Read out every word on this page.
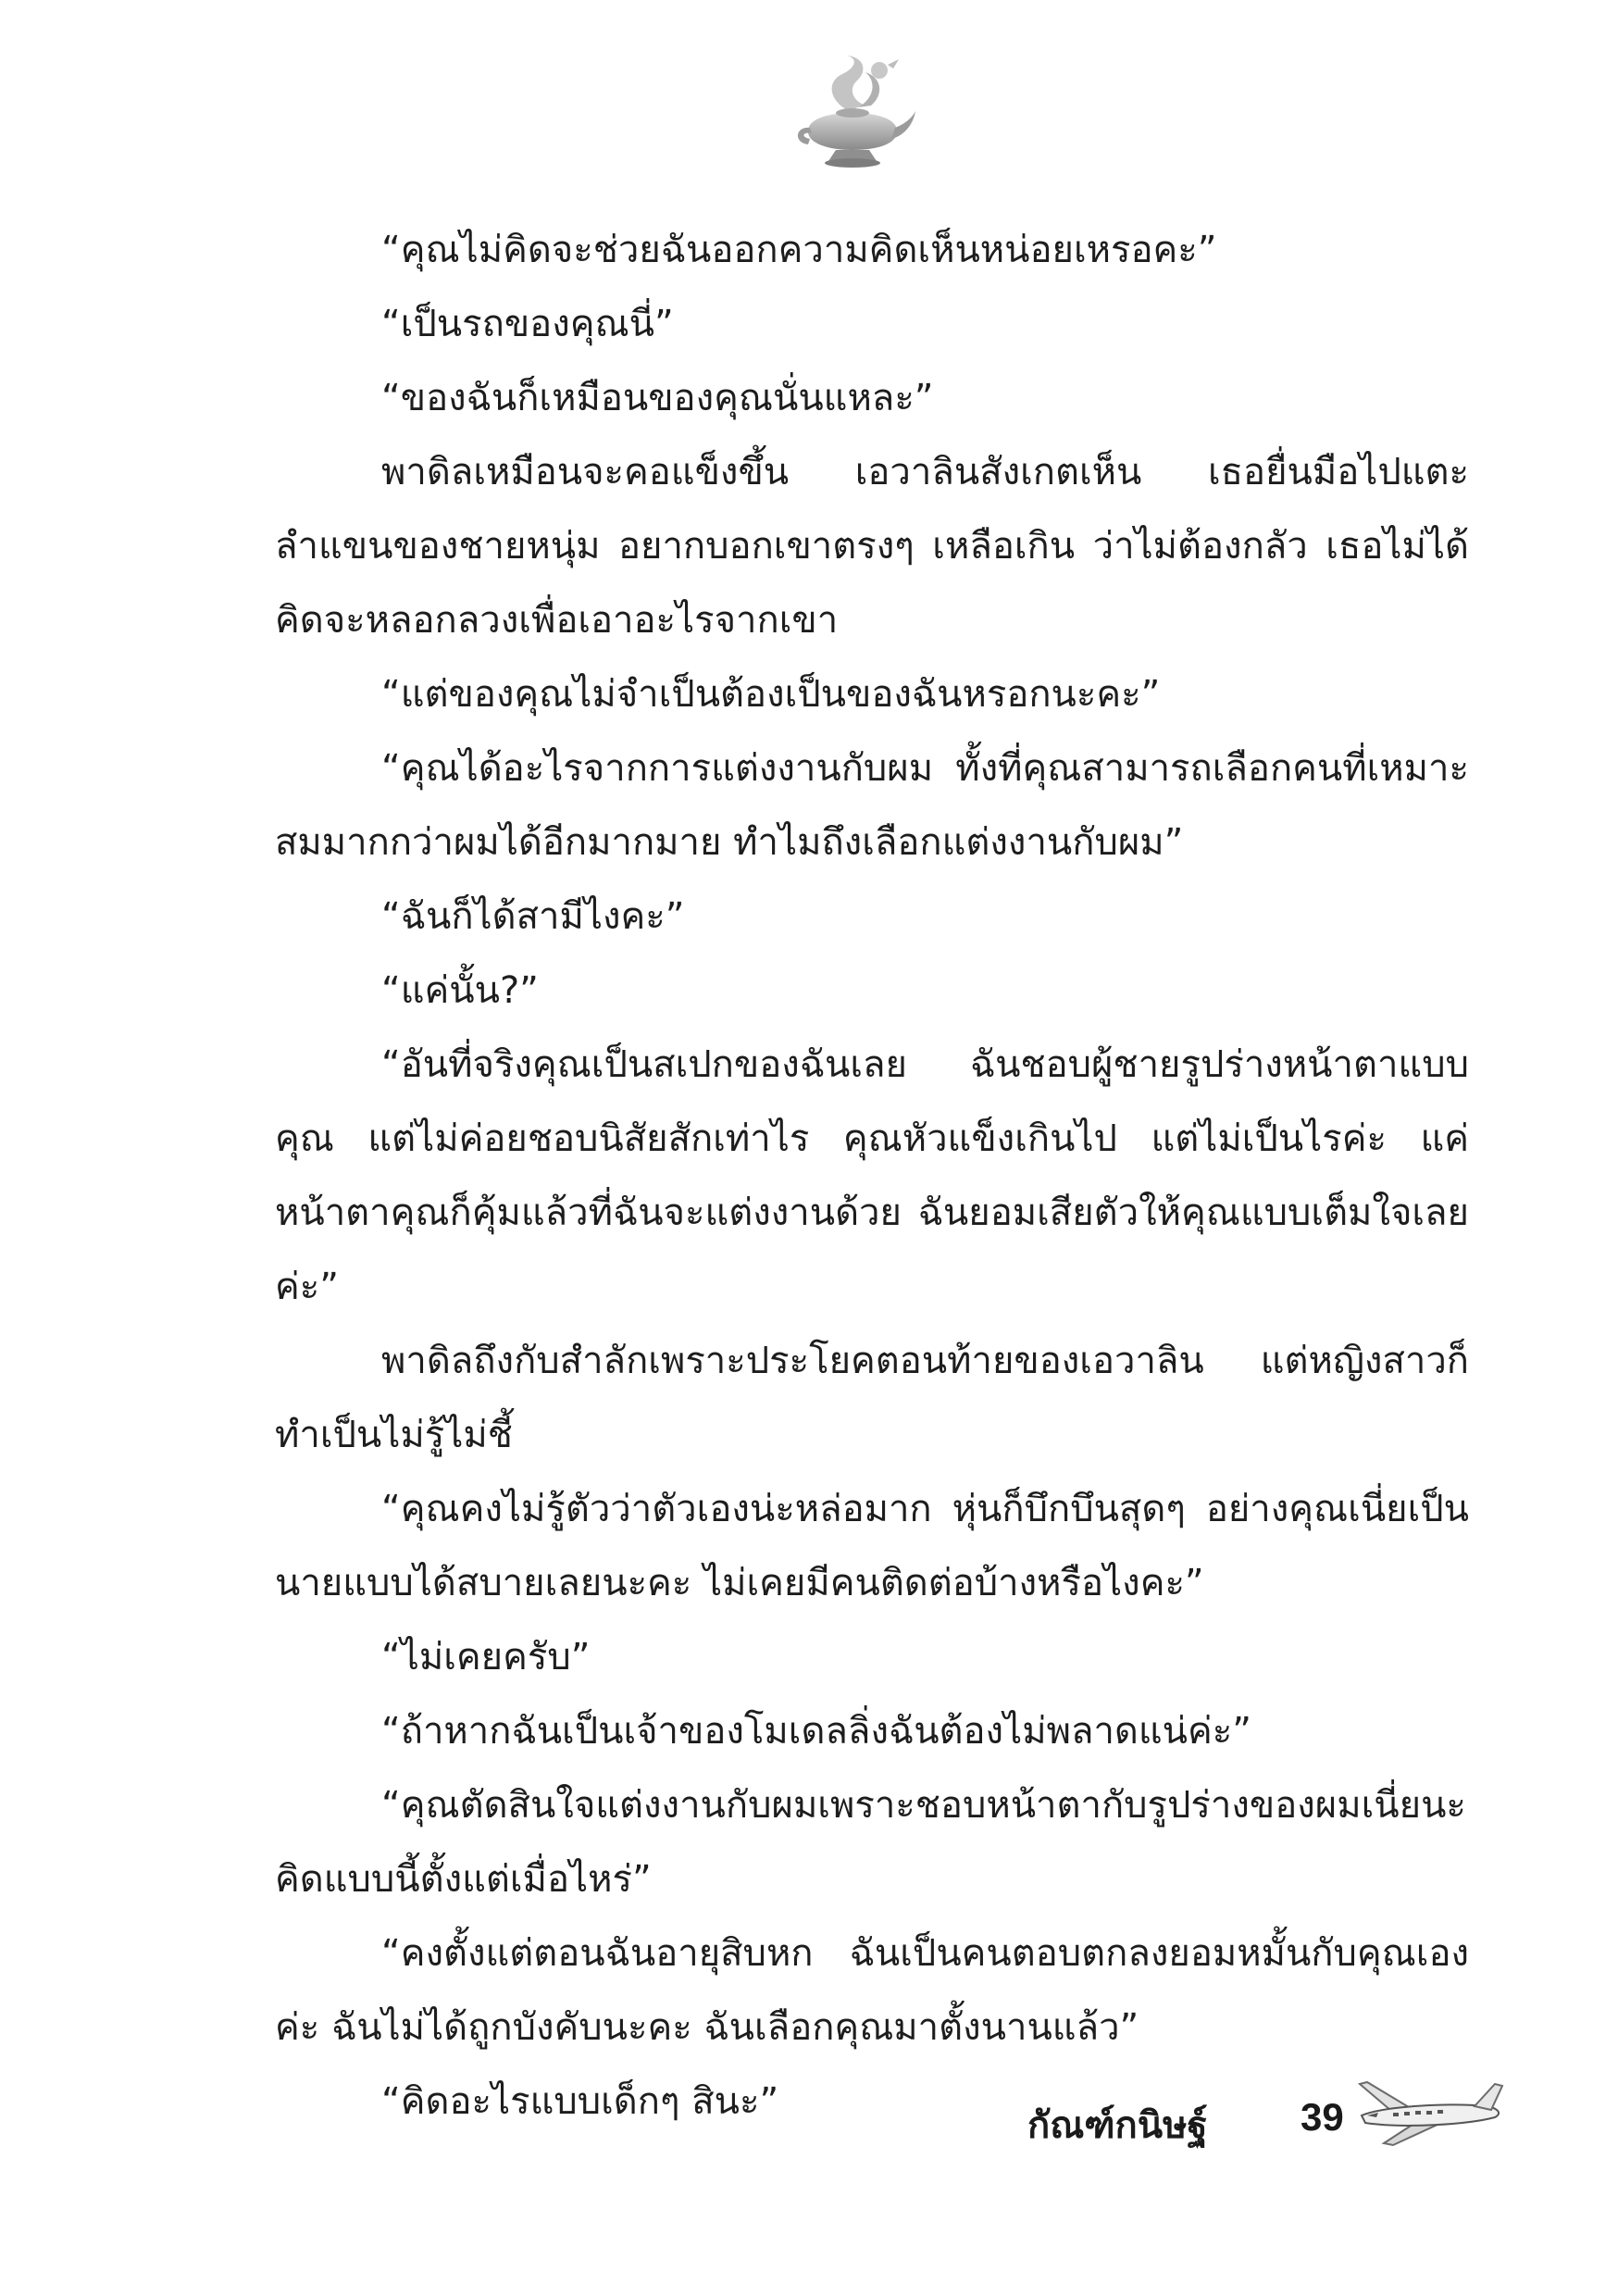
“คุณไม่คิดจะช่วยฉันออกความคิดเห็นหน่อยเหรอคะ”

“เป็นรถของคุณนี่”

“ของฉันก็เหมือนของคุณนั่นแหละ”

พาดิลเหมือนจะคอแข็งขึ้น เอวาลินสังเกตเห็น เธอยื่นมือไปแตะลำแขนของชายหนุ่ม อยากบอกเขาตรงๆ เหลือเกิน ว่าไม่ต้องกลัว เธอไม่ได้คิดจะหลอกลวงเพื่อเอาอะไรจากเขา

“แต่ของคุณไม่จำเป็นต้องเป็นของฉันหรอกนะคะ”

“คุณได้อะไรจากการแต่งงานกับผม ทั้งที่คุณสามารถเลือกคนที่เหมาะสมมากกว่าผมได้อีกมากมาย ทำไมถึงเลือกแต่งงานกับผม”

“ฉันก็ได้สามีไงคะ”

“แค่นั้น?”

“อันที่จริงคุณเป็นสเปกของฉันเลย ฉันชอบผู้ชายรูปร่างหน้าตาแบบคุณ แต่ไม่ค่อยชอบนิสัยสักเท่าไร คุณหัวแข็งเกินไป แต่ไม่เป็นไรค่ะ แค่หน้าตาคุณก็คุ้มแล้วที่ฉันจะแต่งงานด้วย ฉันยอมเสียตัวให้คุณแบบเต็มใจเลยค่ะ”

พาดิลถึงกับสำลักเพราะประโยคตอนท้ายของเอวาลิน แต่หญิงสาวก็ทำเป็นไม่รู้ไม่ชี้

“คุณคงไม่รู้ตัวว่าตัวเองน่ะหล่อมาก หุ่นก็บึกบึนสุดๆ อย่างคุณเนี่ยเป็นนายแบบได้สบายเลยนะคะ ไม่เคยมีคนติดต่อบ้างหรือไงคะ”

“ไม่เคยครับ”

“ถ้าหากฉันเป็นเจ้าของโมเดลลิ่งฉันต้องไม่พลาดแน่ค่ะ”

“คุณตัดสินใจแต่งงานกับผมเพราะชอบหน้าตากับรูปร่างของผมเนี่ยนะ คิดแบบนี้ตั้งแต่เมื่อไหร่”

“คงตั้งแต่ตอนฉันอายุสิบหก ฉันเป็นคนตอบตกลงยอมหมั้นกับคุณเองค่ะ ฉันไม่ได้ถูกบังคับนะคะ ฉันเลือกคุณมาตั้งนานแล้ว”

“คิดอะไรแบบเด็กๆ สินะ”

กัณฑ์กนิษฐ์ 39
